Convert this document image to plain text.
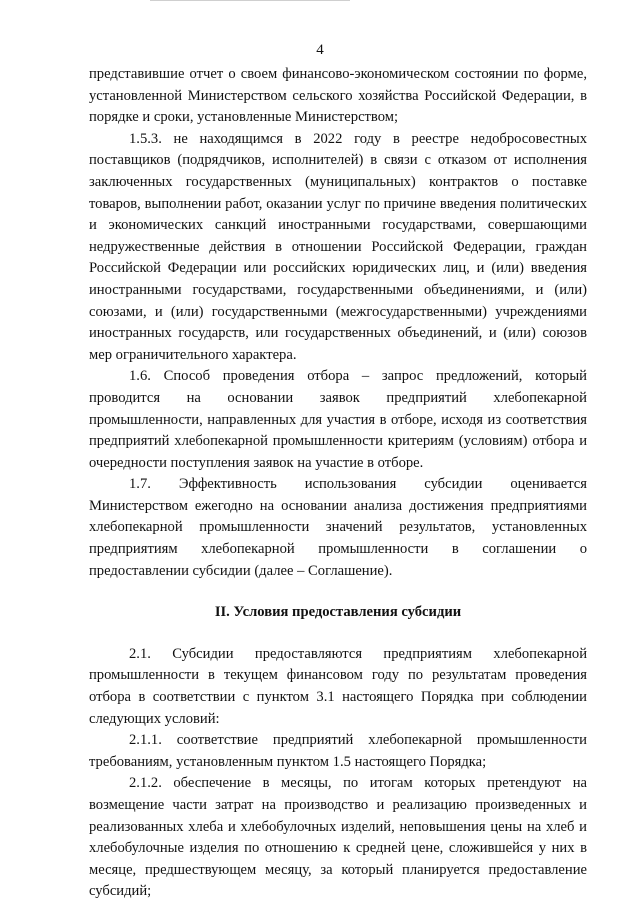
4

представившие отчет о своем финансово-экономическом состоянии по форме, установленной Министерством сельского хозяйства Российской Федерации, в порядке и сроки, установленные Министерством;

1.5.3. не находящимся в 2022 году в реестре недобросовестных поставщиков (подрядчиков, исполнителей) в связи с отказом от исполнения заключенных государственных (муниципальных) контрактов о поставке товаров, выполнении работ, оказании услуг по причине введения политических и экономических санкций иностранными государствами, совершающими недружественные действия в отношении Российской Федерации, граждан Российской Федерации или российских юридических лиц, и (или) введения иностранными государствами, государственными объединениями, и (или) союзами, и (или) государственными (межгосударственными) учреждениями иностранных государств, или государственных объединений, и (или) союзов мер ограничительного характера.

1.6. Способ проведения отбора – запрос предложений, который проводится на основании заявок предприятий хлебопекарной промышленности, направленных для участия в отборе, исходя из соответствия предприятий хлебопекарной промышленности критериям (условиям) отбора и очередности поступления заявок на участие в отборе.

1.7. Эффективность использования субсидии оценивается Министерством ежегодно на основании анализа достижения предприятиями хлебопекарной промышленности значений результатов, установленных предприятиям хлебопекарной промышленности в соглашении о предоставлении субсидии (далее – Соглашение).

II. Условия предоставления субсидии

2.1. Субсидии предоставляются предприятиям хлебопекарной промышленности в текущем финансовом году по результатам проведения отбора в соответствии с пунктом 3.1 настоящего Порядка при соблюдении следующих условий:

2.1.1. соответствие предприятий хлебопекарной промышленности требованиям, установленным пунктом 1.5 настоящего Порядка;

2.1.2. обеспечение в месяцы, по итогам которых претендуют на возмещение части затрат на производство и реализацию произведенных и реализованных хлеба и хлебобулочных изделий, неповышения цены на хлеб и хлебобулочные изделия по отношению к средней цене, сложившейся у них в месяце, предшествующем месяцу, за который планируется предоставление субсидий;
